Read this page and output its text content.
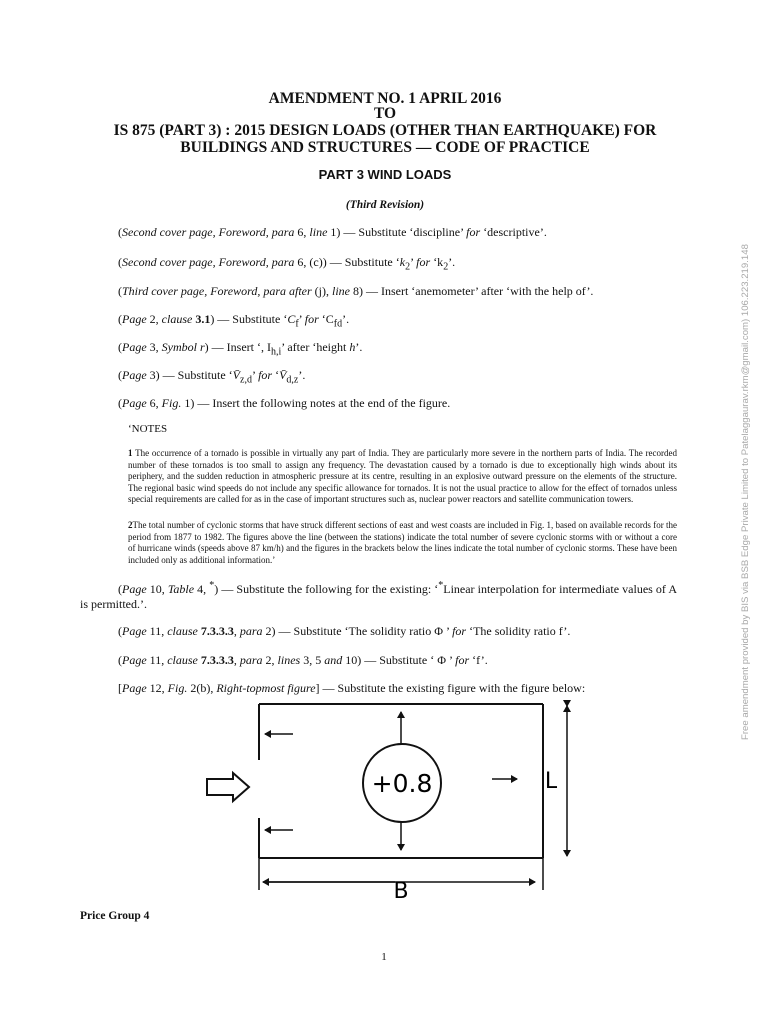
AMENDMENT NO. 1 APRIL 2016
TO
IS 875 (PART 3) : 2015 DESIGN LOADS (OTHER THAN EARTHQUAKE) FOR
BUILDINGS AND STRUCTURES — CODE OF PRACTICE
PART 3 WIND LOADS
(Third Revision)
(Second cover page, Foreword, para 6, line 1) — Substitute ‘discipline’ for ‘descriptive’.
(Second cover page, Foreword, para 6, (c)) — Substitute ‘$k_2$’ for ‘$k_2$’.
(Third cover page, Foreword, para after (j), line 8) — Insert ‘anemometer’ after ‘with the help of’.
(Page 2, clause 3.1) — Substitute ‘$C_f$’ for ‘$C_{fd}$’.
(Page 3, Symbol r) — Insert ‘, $I_{h,i}$’ after ‘height h’.
(Page 3) — Substitute ‘$V̄_{z,d}$’ for ‘$V̄_{d,z}$’.
(Page 6, Fig. 1) — Insert the following notes at the end of the figure.
‘NOTES
1 The occurrence of a tornado is possible in virtually any part of India. They are particularly more severe in the northern parts of India. The recorded number of these tornados is too small to assign any frequency. The devastation caused by a tornado is due to exceptionally high winds about its periphery, and the sudden reduction in atmospheric pressure at its centre, resulting in an explosive outward pressure on the elements of the structure. The regional basic wind speeds do not include any specific allowance for tornados. It is not the usual practice to allow for the effect of tornados unless special requirements are called for as in the case of important structures such as, nuclear power reactors and satellite communication towers.
2The total number of cyclonic storms that have struck different sections of east and west coasts are included in Fig. 1, based on available records for the period from 1877 to 1982. The figures above the line (between the stations) indicate the total number of severe cyclonic storms with or without a core of hurricane winds (speeds above 87 km/h) and the figures in the brackets below the lines indicate the total number of cyclonic storms. These have been included only as additional information.’
(Page 10, Table 4, *) — Substitute the following for the existing: ‘*Linear interpolation for intermediate values of A is permitted.’.
(Page 11, clause 7.3.3.3, para 2) — Substitute ‘The solidity ratio Φ ’ for ‘The solidity ratio f’.
(Page 11, clause 7.3.3.3, para 2, lines 3, 5 and 10) — Substitute ‘ Φ ’ for ‘f’.
[Page 12, Fig. 2(b), Right-topmost figure] — Substitute the existing figure with the figure below:
+0.8	L
B
Price Group 4
1
Free amendment provided by BIS via BSB Edge Private Limited to Patelaggaurav.rkm@gmail.com) 106.223.219.148
